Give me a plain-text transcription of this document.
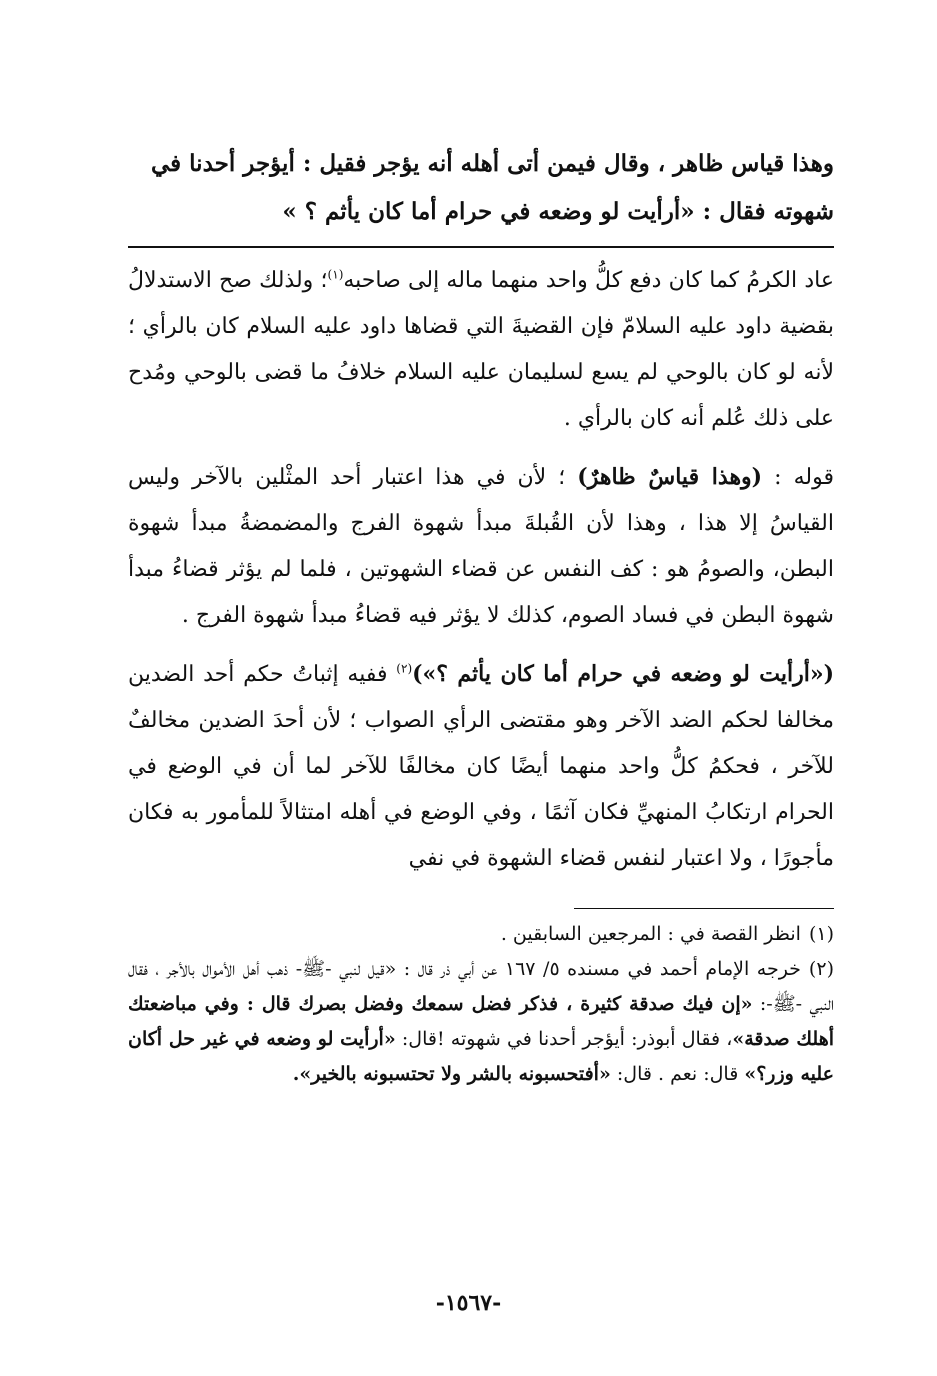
وهذا قياس ظاهر ، وقال فيمن أتى أهله أنه يؤجر فقيل : أيؤجر أحدنا في

شهوته فقال : «أرأيت لو وضعه في حرام أما كان يأثم ؟ »

عاد الكرمُ كما كان دفع كلُّ واحد منهما ماله إلى صاحبه$^{(١)}$؛ ولذلك صح الاستدلالُ بقضية داود عليه السلامّ فإن القضيةَ التي قضاها داود عليه السلام كان بالرأي ؛ لأنه لو كان بالوحي لم يسع لسليمان عليه السلام خلافُ ما قضى بالوحي ومُدح على ذلك عُلم أنه كان بالرأي .

قوله : (وهذا قياسٌ ظاهرٌ) ؛ لأن في هذا اعتبار أحد المثْلين بالآخر وليس القياسُ إلا هذا ، وهذا لأن القُبلةَ مبدأ شهوة الفرج والمضمضةُ مبدأ شهوة البطن، والصومُ هو : كف النفس عن قضاء الشهوتين ، فلما لم يؤثر قضاءُ مبدأ شهوة البطن في فساد الصوم، كذلك لا يؤثر فيه قضاءُ مبدأ شهوة الفرج .

(«أرأيت لو وضعه في حرام أما كان يأثم ؟»)$^{(٢)}$ ففيه إثباتُ حكم أحد الضدين مخالفا لحكم الضد الآخر وهو مقتضى الرأي الصواب ؛ لأن أحدَ الضدين مخالفٌ للآخر ، فحكمُ كلُّ واحد منهما أيضًا كان مخالفًا للآخر لما أن في الوضع في الحرام ارتكابُ المنهيِّ فكان آثمًا ، وفي الوضع في أهله امتثالاً للمأمور به فكان مأجورًا ، ولا اعتبار لنفس قضاء الشهوة في نفي

(١)انظر القصة في : المرجعين السابقين .

(٢)خرجه الإمام أحمد في مسنده ٥/ ١٦٧ عن أبي ذر قال : «قيل لنبي -ﷺ- ذهب أهل الأموال بالأجر ، فقال النبي -ﷺ-: «إن فيك صدقة كثيرة ، فذكر فضل سمعك وفضل بصرك قال : وفي مباضعتك أهلك صدقة»، فقال أبوذر: أيؤجر أحدنا في شهوته !قال: «أرأيت لو وضعه في غير حل أكان عليه وزر؟» قال: نعم . قال: «أفتحسبونه بالشر ولا تحتسبونه بالخير».

-١٥٦٧-
